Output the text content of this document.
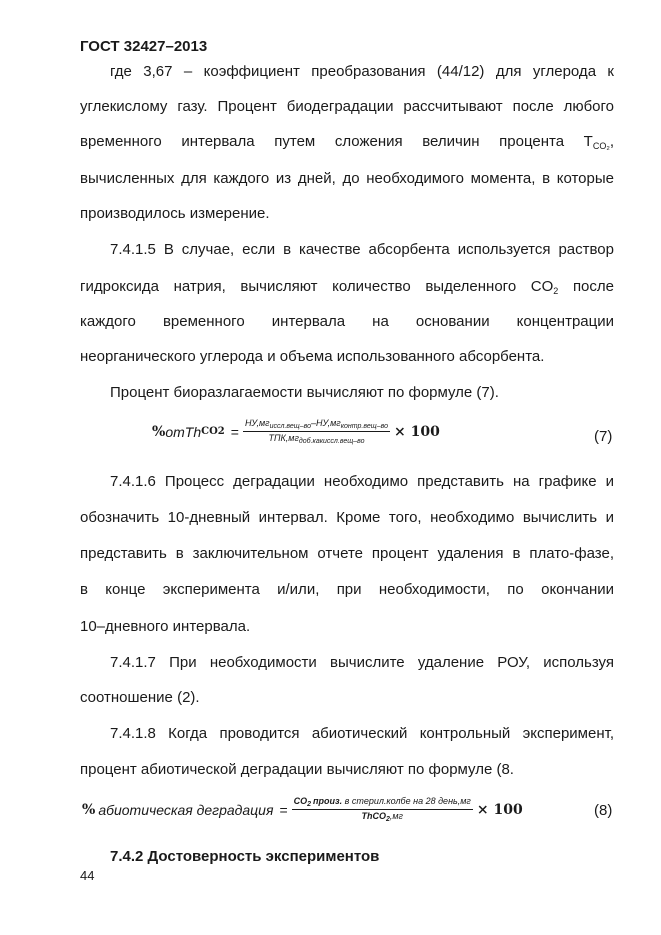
ГОСТ 32427–2013
где 3,67 – коэффициент преобразования (44/12) для углерода к
углекислому газу. Процент биодеградации рассчитывают после любого
временного интервала путем сложения величин процента $T_{CO_2}$,
вычисленных для каждого из дней, до необходимого момента, в которые
производилось измерение.
7.4.1.5 В случае, если в качестве абсорбента используется раствор
гидроксида натрия, вычисляют количество выделенного $CO_2$ после
каждого временного интервала на основании концентрации
неорганического углерода и объема использованного абсорбента.
Процент биоразлагаемости вычисляют по формуле (7).
% от Th $CO2 = \frac{НУ,мг_{иссл.вещ-во}-НУ,мг_{контр.вещ-во}}{ТПК,мг_{доб.какиссл.вещ-во}} \times 100$	(7)
7.4.1.6 Процесс деградации необходимо представить на графике и
обозначить 10-дневный интервал. Кроме того, необходимо вычислить и
представить в заключительном отчете процент удаления в плато-фазе,
в конце эксперимента и/или, при необходимости, по окончании
10–дневного интервала.
7.4.1.7 При необходимости вычислите удаление РОУ, используя
соотношение (2).
7.4.1.8 Когда проводится абиотический контрольный эксперимент,
процент абиотической деградации вычисляют по формуле (8.
% абиотическая деградация = $\frac{CO_2 произ. в стерил.колбе на 28 день,мг}{ThCO_2,мг} \times 100$	(8)
7.4.2 Достоверность экспериментов
44
